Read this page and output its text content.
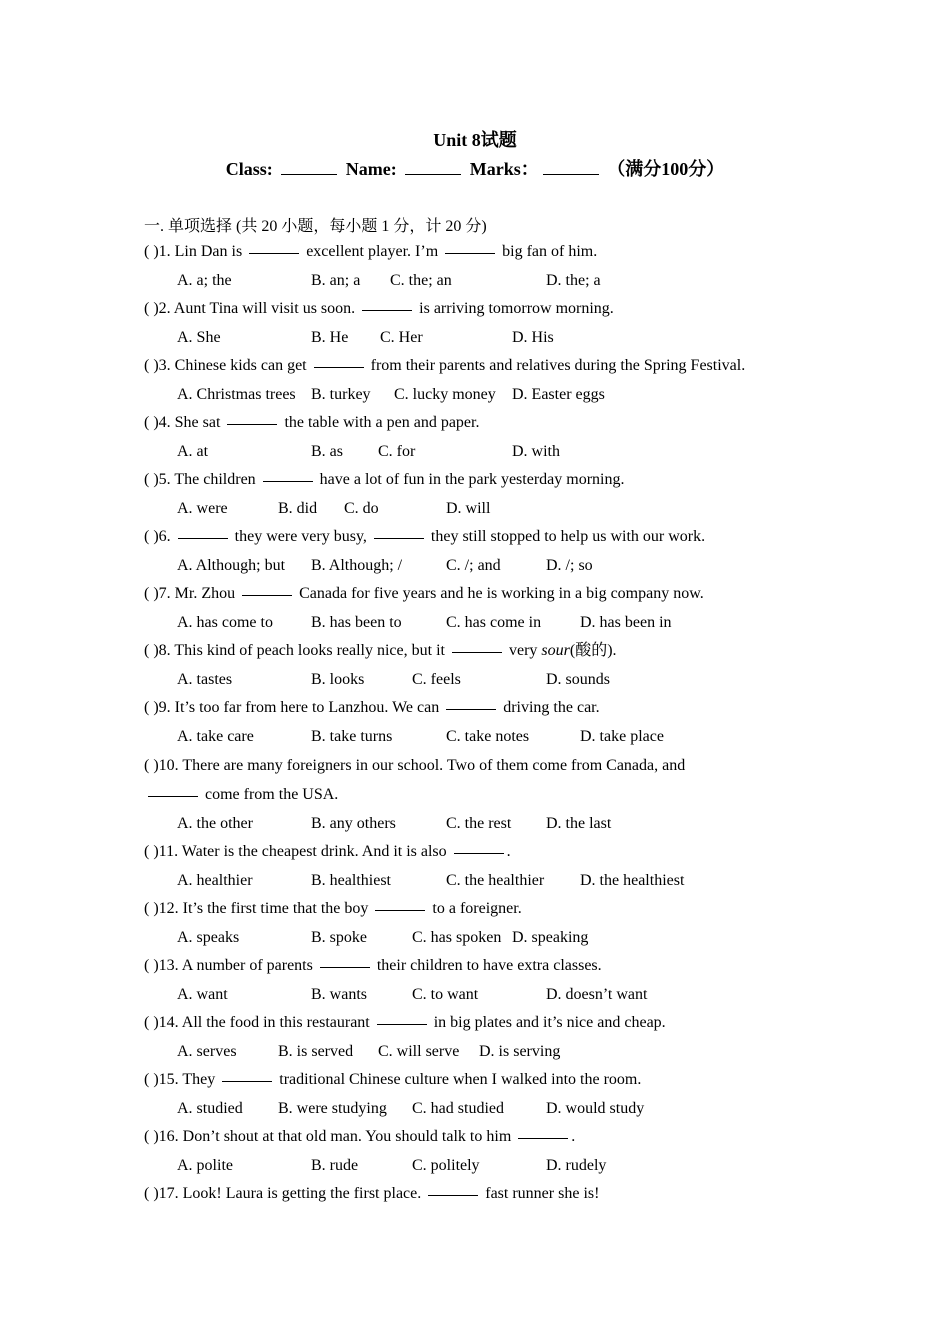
Unit 8试题
Class:	Name:	Marks：	（满分100分）
一. 单项选择 (共 20 小题，每小题 1 分，计 20 分)
( )1. Lin Dan is	excellent player. I’m	big fan of him.
A. a; the	B. an; a C. the; an	D. the; a
( )2. Aunt Tina will visit us soon.	is arriving tomorrow morning.
A. She	B. He C. Her	D. His
( )3. Chinese kids can get	from their parents and relatives during the Spring Festival.
A. Christmas trees B. turkey C. lucky money D. Easter eggs
( )4. She sat	the table with a pen and paper.
A. at	B. as C. for	D. with
( )5. The children	have a lot of fun in the park yesterday morning.
A. were	B. did C. do	D. will
( )6.	they were very busy,	they still stopped to help us with our work.
A. Although; but B. Although; /	C. /; and	D. /; so
( )7. Mr. Zhou	Canada for five years and he is working in a big company now.
A. has come to B. has been to	C. has come in D. has been in
( )8. This kind of peach looks really nice, but it	very sour(酸的).
A. tastes	B. looks	C. feels	D. sounds
( )9. It’s too far from here to Lanzhou. We can	driving the car.
A. take care	B. take turns	C. take notes	D. take place
( )10. There are many foreigners in our school. Two of them come from Canada, and
come from the USA.
A. the other	B. any others	C. the rest D. the last
( )11. Water is the cheapest drink. And it is also	.
A. healthier	B. healthiest	C. the healthier D. the healthiest
( )12. It’s the first time that the boy	to a foreigner.
A. speaks	B. spoke	C. has spoken D. speaking
( )13. A number of parents	their children to have extra classes.
A. want	B. wants	C. to want	D. doesn’t want
( )14. All the food in this restaurant	in big plates and it’s nice and cheap.
A. serves	B. is served C. will serve D. is serving
( )15. They	traditional Chinese culture when I walked into the room.
A. studied B. were studying C. had studied	D. would study
( )16. Don’t shout at that old man. You should talk to him	.
A. polite	B. rude	C. politely	D. rudely
( )17. Look! Laura is getting the first place.	fast runner she is!
